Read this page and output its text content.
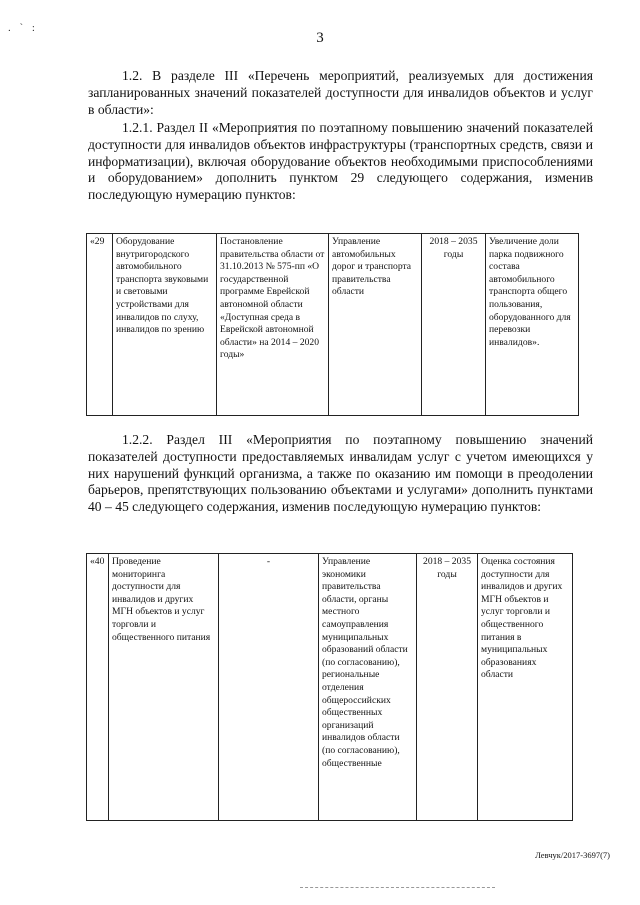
. ` :
3

1.2. В разделе III «Перечень мероприятий, реализуемых для достижения запланированных значений показателей доступности для инвалидов объектов и услуг в области»:

1.2.1. Раздел II «Мероприятия по поэтапному повышению значений показателей доступности для инвалидов объектов инфраструктуры (транспортных средств, связи и информатизации), включая оборудование объектов необходимыми приспособлениями и оборудованием» дополнить пунктом 29 следующего содержания, изменив последующую нумерацию пунктов:

«29	Оборудование внутригородского автомобильного транспорта звуковыми и световыми устройствами для инвалидов по слуху, инвалидов по зрению	Постановление правительства области от 31.10.2013 № 575-пп «О государственной программе Еврейской автономной области «Доступная среда в Еврейской автономной области» на 2014 – 2020 годы»	Управление автомобильных дорог и транспорта правительства области	2018 – 2035 годы	Увеличение доли парка подвижного состава автомобильного транспорта общего пользования, оборудованного для перевозки инвалидов».

1.2.2. Раздел III «Мероприятия по поэтапному повышению значений показателей доступности предоставляемых инвалидам услуг с учетом имеющихся у них нарушений функций организма, а также по оказанию им помощи в преодолении барьеров, препятствующих пользованию объектами и услугами» дополнить пунктами 40 – 45 следующего содержания, изменив последующую нумерацию пунктов:

«40	Проведение мониторинга доступности для инвалидов и других МГН объектов и услуг торговли и общественного питания	-	Управление экономики правительства области, органы местного самоуправления муниципальных образований области (по согласованию), региональные отделения общероссийских общественных организаций инвалидов области (по согласованию), общественные	2018 – 2035 годы	Оценка состояния доступности для инвалидов и других МГН объектов и услуг торговли и общественного питания в муниципальных образованиях области
Левчук/2017-3697(7)
